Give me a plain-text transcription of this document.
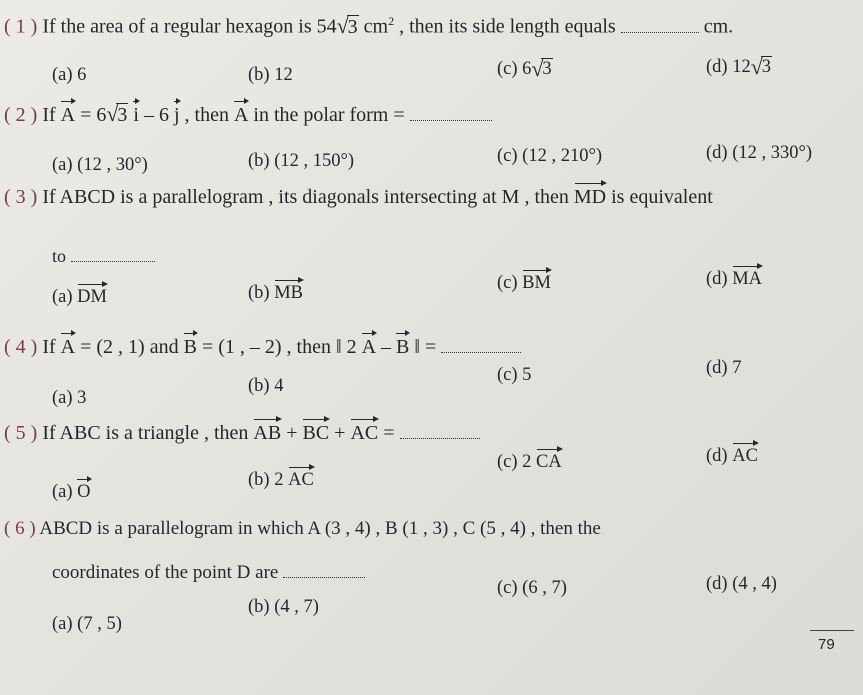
( 1 ) If the area of a regular hexagon is 54 √ 3 $cm^2$ , then its side length equals	cm.
(a) 6	(b) 12	(c) 6 √ 3	(d) 12 √ 3
( 2 ) If A = 6 √ 3 i – 6 j , then A in the polar form =
(a) (12 , 30°)	(b) (12 , 150°)	(c) (12 , 210°)	(d) (12 , 330°)
( 3 ) If ABCD is a parallelogram , its diagonals intersecting at M , then MD is equivalent
to
(a) DM	(b) MB	(c) BM	(d) MA
( 4 ) If A = (2 , 1) and B = (1 , – 2) , then ‖ 2 A – B ‖ =
(a) 3
(b) 4
(c) 5	(d) 7
( 5 ) If ABC is a triangle , then AB + BC + AC =
(a) O
(b) 2 AC
(c) 2 CA	(d) AC
( 6 ) ABCD is a parallelogram in which A (3 , 4) , B (1 , 3) , C (5 , 4) , then the
coordinates of the point D are
(a) (7 , 5)
(b) (4 , 7)
(c) (6 , 7)	(d) (4 , 4)
79
